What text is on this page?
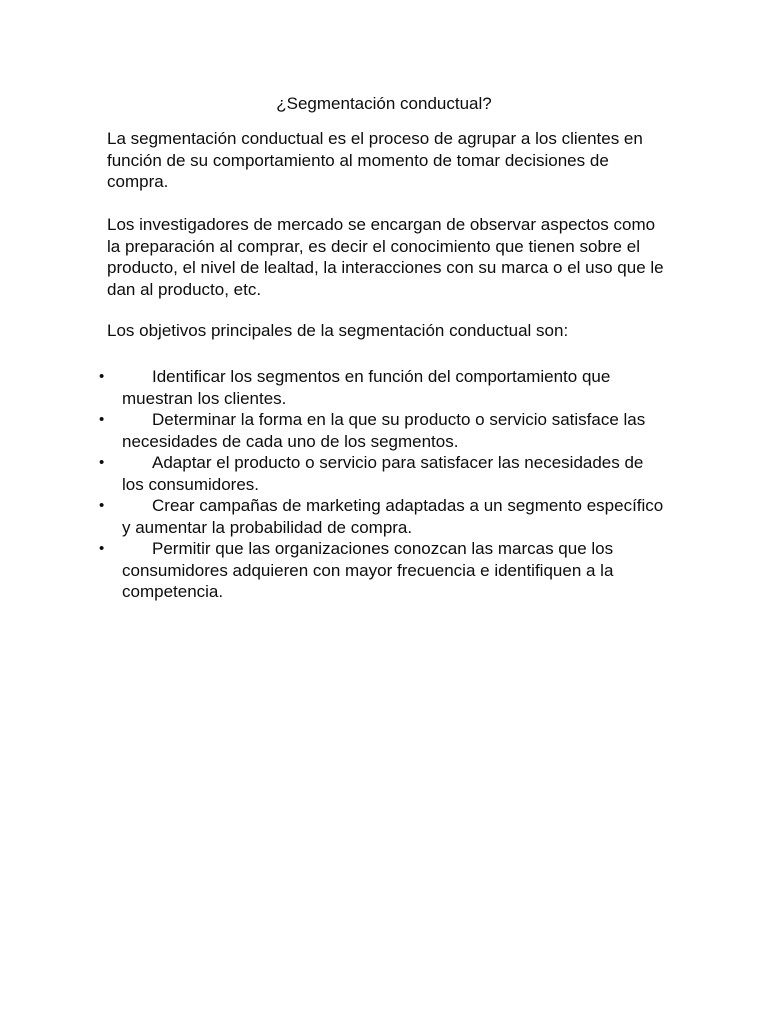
¿Segmentación conductual?

La segmentación conductual es el proceso de agrupar a los clientes en función de su comportamiento al momento de tomar decisiones de compra.

Los investigadores de mercado se encargan de observar aspectos como la preparación al comprar, es decir el conocimiento que tienen sobre el producto, el nivel de lealtad, la interacciones con su marca o el uso que le dan al producto, etc.

Los objetivos principales de la segmentación conductual son:

•	Identificar los segmentos en función del comportamiento que muestran los clientes.
•	Determinar la forma en la que su producto o servicio satisface las necesidades de cada uno de los segmentos.
•	Adaptar el producto o servicio para satisfacer las necesidades de los consumidores.
•	Crear campañas de marketing adaptadas a un segmento específico y aumentar la probabilidad de compra.
•	Permitir que las organizaciones conozcan las marcas que los consumidores adquieren con mayor frecuencia e identifiquen a la competencia.
